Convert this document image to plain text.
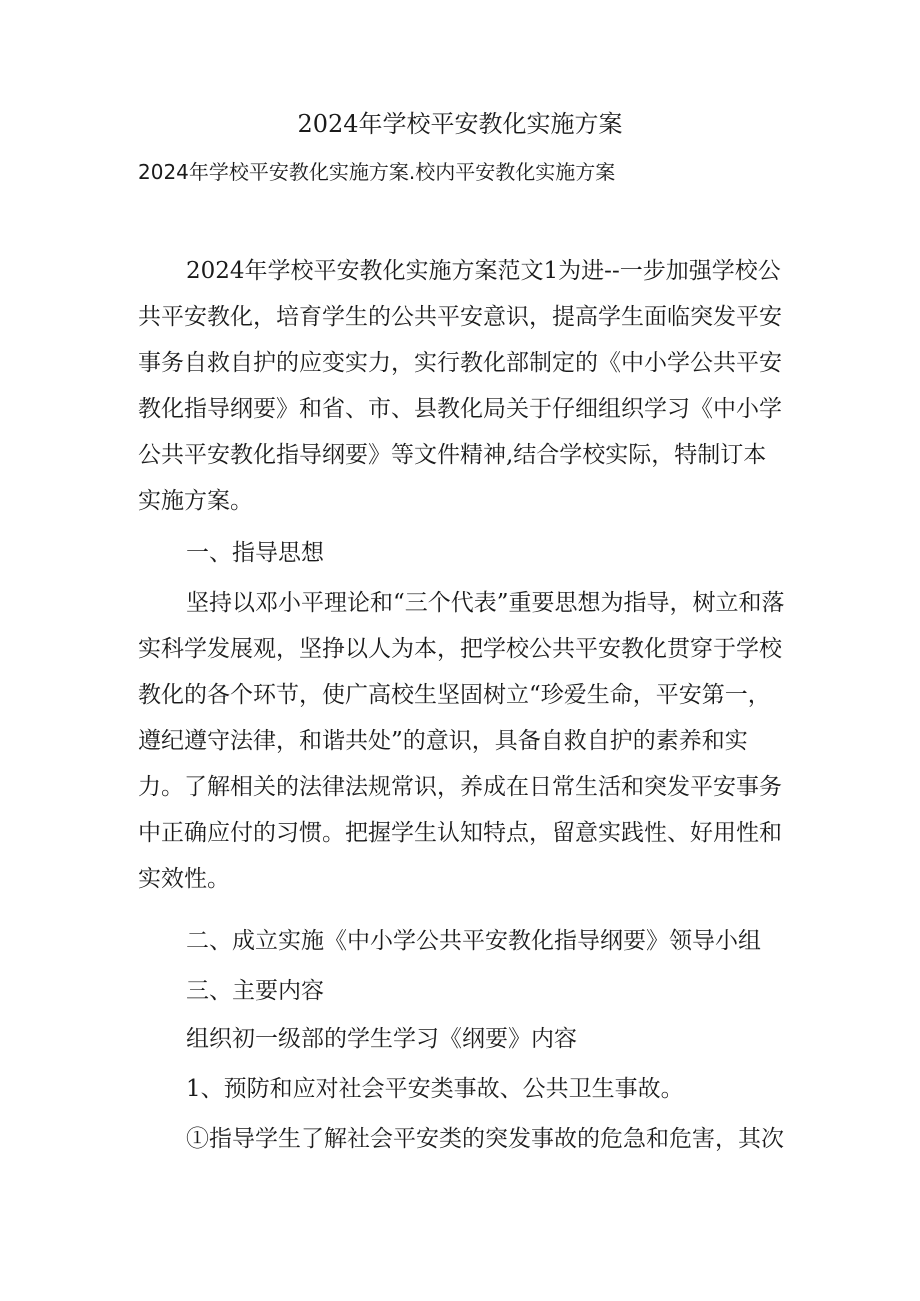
2024年学校平安教化实施方案
2024年学校平安教化实施方案.校内平安教化实施方案

2024年学校平安教化实施方案范文1为进--一步加强学校公共平安教化，培育学生的公共平安意识，提高学生面临突发平安事务自救自护的应变实力，实行教化部制定的《中小学公共平安教化指导纲要》和省、市、县教化局关于仔细组织学习《中小学公共平安教化指导纲要》等文件精神,结合学校实际，特制订本实施方案。

一、指导思想

坚持以邓小平理论和“三个代表”重要思想为指导，树立和落实科学发展观，坚挣以人为本，把学校公共平安教化贯穿于学校教化的各个环节，使广高校生坚固树立“珍爱生命，平安第一，遵纪遵守法律，和谐共处”的意识，具备自救自护的素养和实力。了解相关的法律法规常识，养成在日常生活和突发平安事务中正确应付的习惯。把握学生认知特点，留意实践性、好用性和实效性。

二、成立实施《中小学公共平安教化指导纲要》领导小组

三、主要内容

组织初一级部的学生学习《纲要》内容

1、预防和应对社会平安类事故、公共卫生事故。

①指导学生了解社会平安类的突发事故的危急和危害，其次
